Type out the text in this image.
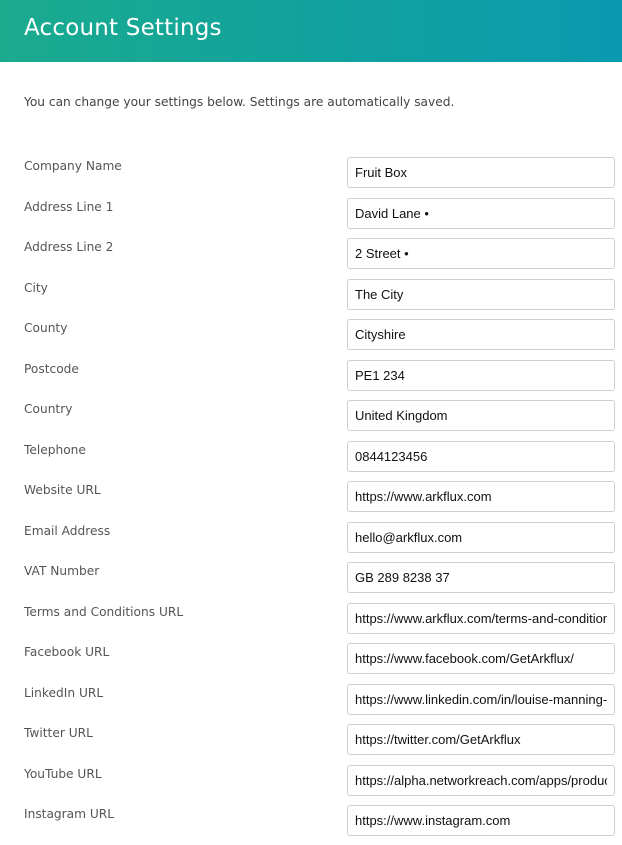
Account Settings
You can change your settings below. Settings are automatically saved.
Company Name
Fruit Box
Address Line 1
David Lane •
Address Line 2
2 Street •
City
The City
County
Cityshire
Postcode
PE1 234
Country
United Kingdom
Telephone
0844123456
Website URL
https://www.arkflux.com
Email Address
hello@arkflux.com
VAT Number
GB 289 8238 37
Terms and Conditions URL
https://www.arkflux.com/terms-and-conditions
Facebook URL
https://www.facebook.com/GetArkflux/
LinkedIn URL
https://www.linkedin.com/in/louise-manning-97
Twitter URL
https://twitter.com/GetArkflux
YouTube URL
https://alpha.networkreach.com/apps/producti
Instagram URL
https://www.instagram.com
